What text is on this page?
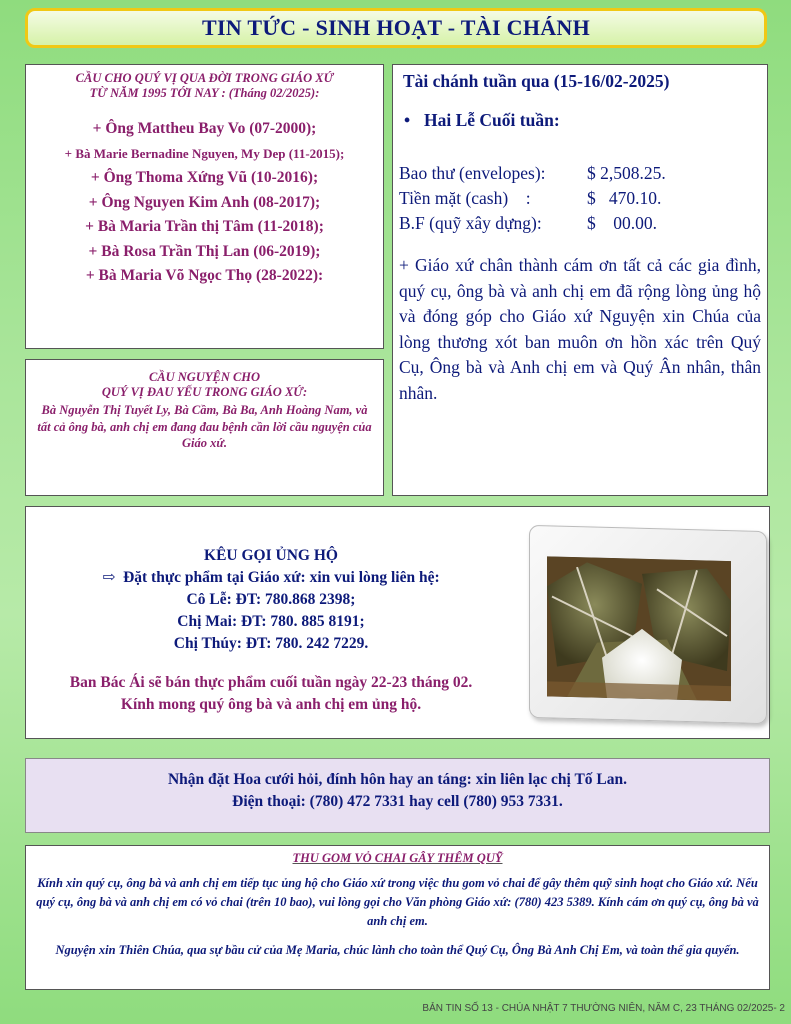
TIN TỨC - SINH HOẠT - TÀI CHÁNH
CẦU CHO QUÝ VỊ QUA ĐỜI TRONG GIÁO XỨ
TỪ NĂM 1995 TỚI NAY : (Tháng 02/2025):
+ Ông Mattheu Bay Vo (07-2000);
+ Bà Marie Bernadine Nguyen, My Dep (11-2015);
+ Ông Thoma Xứng Vũ (10-2016);
+ Ông Nguyen Kim Anh (08-2017);
+ Bà Maria Trần thị Tâm (11-2018);
+ Bà Rosa Trần Thị Lan (06-2019);
+ Bà Maria Võ Ngọc Thọ (28-2022):
CẦU NGUYỆN CHO
QUÝ VỊ ĐAU YẾU TRONG GIÁO XỨ:
Bà Nguyễn Thị Tuyết Ly, Bà Cầm, Bà Ba, Anh Hoàng Nam, và tất cả ông bà, anh chị em đang đau bệnh cần lời cầu nguyện của Giáo xứ.
Tài chánh tuần qua (15-16/02-2025)
• Hai Lễ Cuối tuần:
Bao thư (envelopes):	$ 2,508.25.
Tiền mặt (cash)    :	$   470.10.
B.F (quỹ xây dựng):	$    00.00.
+ Giáo xứ chân thành cám ơn tất cả các gia đình, quý cụ, ông bà và anh chị em đã rộng lòng ủng hộ và đóng góp cho Giáo xứ Nguyện xin Chúa của lòng thương xót ban muôn ơn hồn xác trên Quý Cụ, Ông bà và Anh chị em và Quý Ân nhân, thân nhân.
KÊU GỌI ỦNG HỘ
⇨ Đặt thực phẩm tại Giáo xứ: xin vui lòng liên hệ:
Cô Lễ: ĐT: 780.868 2398;
Chị Mai: ĐT: 780. 885 8191;
Chị Thúy: ĐT: 780. 242 7229.
Ban Bác Ái sẽ bán thực phẩm cuối tuần ngày 22-23 tháng 02.
Kính mong quý ông bà và anh chị em ủng hộ.
Nhận đặt Hoa cưới hỏi, đính hôn hay an táng: xin liên lạc chị Tố Lan.
Điện thoại: (780) 472 7331 hay cell (780) 953 7331.
THU GOM VỎ CHAI GÂY THÊM QUỸ
Kính xin quý cụ, ông bà và anh chị em tiếp tục ủng hộ cho Giáo xứ trong việc thu gom vỏ chai để gây thêm quỹ sinh hoạt cho Giáo xứ. Nếu quý cụ, ông bà và anh chị em có vỏ chai (trên 10 bao), vui lòng gọi cho Văn phòng Giáo xứ: (780) 423 5389. Kính cám ơn quý cụ, ông bà và anh chị em.
Nguyện xin Thiên Chúa, qua sự bầu cử của Mẹ Maria, chúc lành cho toàn thể Quý Cụ, Ông Bà Anh Chị Em, và toàn thể gia quyến.
BẢN TIN SỐ 13 - CHÚA NHẬT 7 THƯỜNG NIÊN, NĂM C, 23 THÁNG 02/2025- 2
